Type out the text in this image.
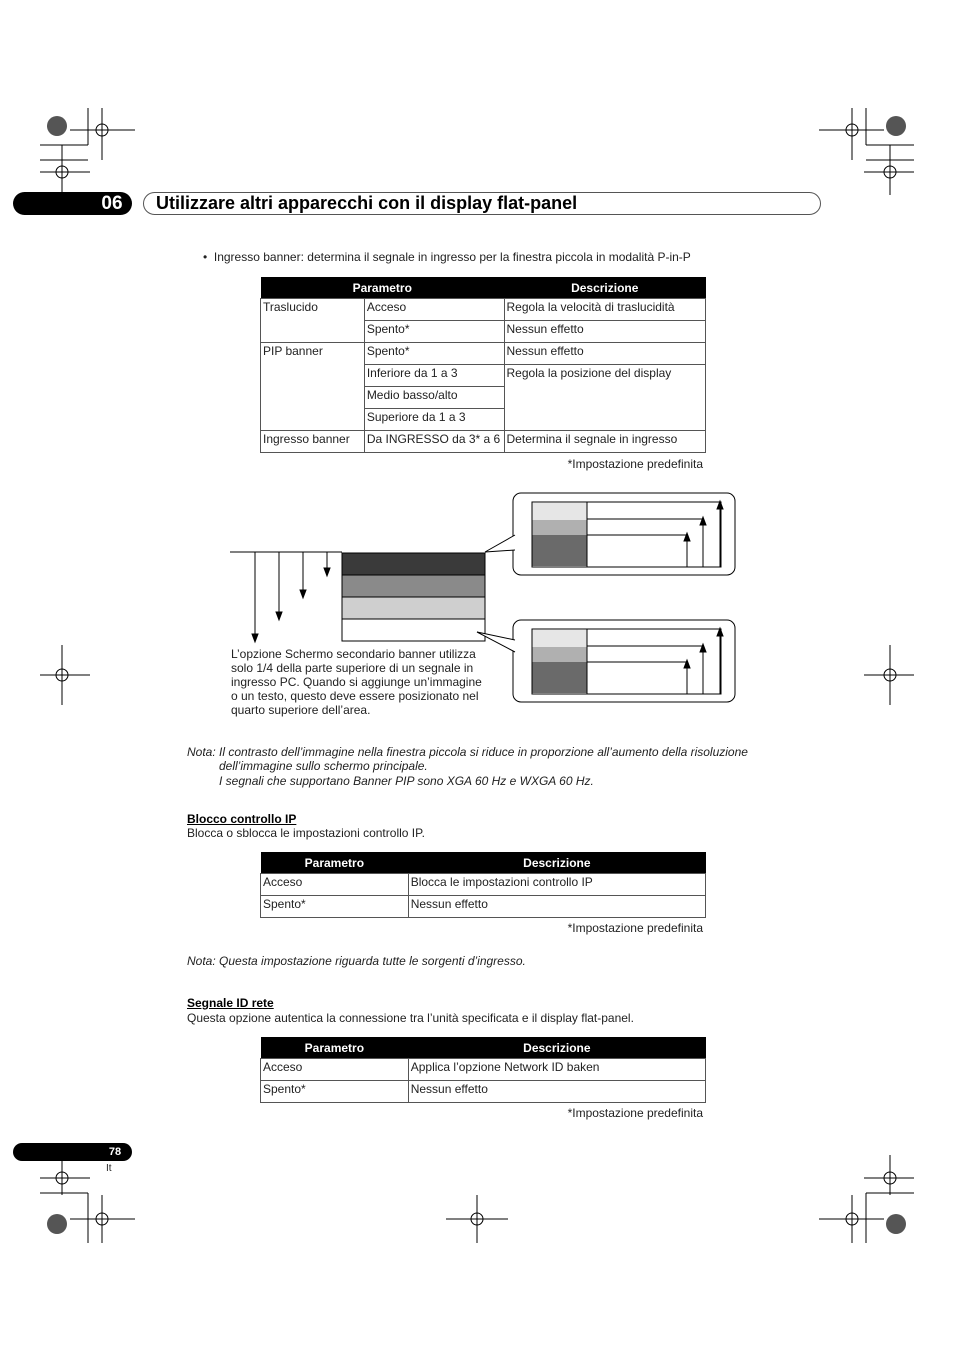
06	Utilizzare altri apparecchi con il display flat-panel
•  Ingresso banner: determina il segnale in ingresso per la finestra piccola in modalità P-in-P
Parametro		Descrizione
Traslucido	Acceso	Regola la velocità di traslucidità
	Spento*	Nessun effetto
PIP banner	Spento*	Nessun effetto
	Inferiore da 1 a 3	Regola la posizione del display
	Medio basso/alto	
	Superiore da 1 a 3	
Ingresso banner	Da INGRESSO da 3* a 6	Determina il segnale in ingresso
*Impostazione predefinita
L’opzione Schermo secondario banner utilizza solo 1/4 della parte superiore di un segnale in ingresso PC. Quando si aggiunge un’immagine o un testo, questo deve essere posizionato nel quarto superiore dell’area.
Nota: Il contrasto dell’immagine nella finestra piccola si riduce in proporzione all’aumento della risoluzione
dell’immagine sullo schermo principale.
I segnali che supportano Banner PIP sono XGA 60 Hz e WXGA 60 Hz.
Blocco controllo IP
Blocca o sblocca le impostazioni controllo IP.
Parametro	Descrizione
Acceso	Blocca le impostazioni controllo IP
Spento*	Nessun effetto
*Impostazione predefinita
Nota: Questa impostazione riguarda tutte le sorgenti d’ingresso.
Segnale ID rete
Questa opzione autentica la connessione tra l’unità specificata e il display flat-panel.
Parametro	Descrizione
Acceso	Applica l’opzione Network ID baken
Spento*	Nessun effetto
*Impostazione predefinita
78
It
